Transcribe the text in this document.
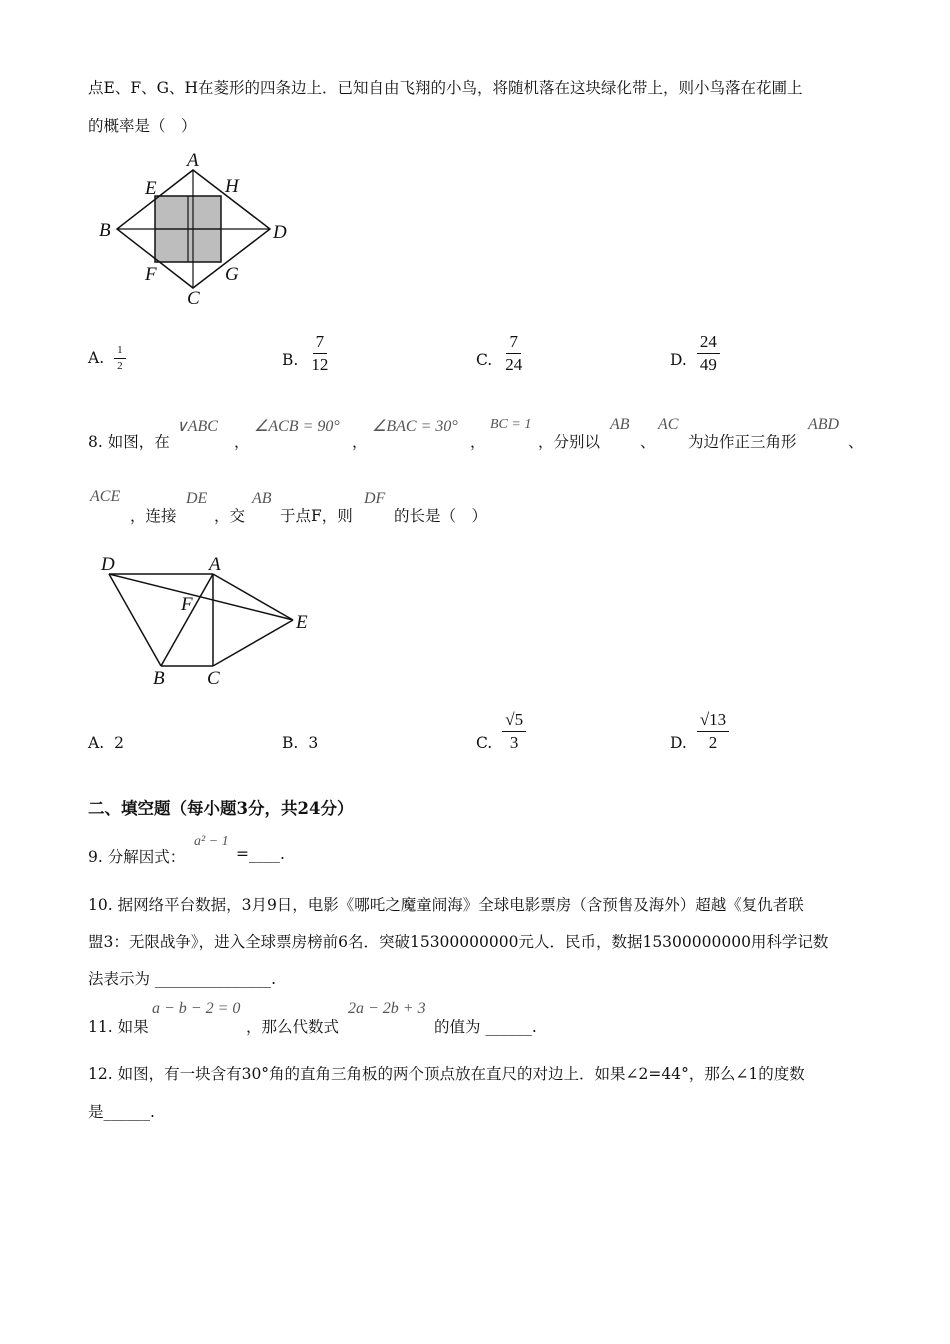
点E、F、G、H在菱形的四条边上．已知自由飞翔的小鸟，将随机落在这块绿化带上，则小鸟落在花圃上
的概率是（　）
A
E	H
B	D
F	G
C
A. $\frac{1}{2}$	B. $\frac{7}{12}$	C. $\frac{7}{24}$	D. $\frac{24}{49}$
8. 如图，在
∨ABC
，
∠ACB = 90°
，
∠BAC = 30°
，
BC = 1
，分别以
AB
、
AC
为边作正三角形
ABD
、
ACE
，连接
DE
，交
AB
于点F，则
DF
的长是（　）
D	A
F
E
B C
A. 2	B. 3	C. $\frac{√5}{3}$	D. $\frac{√13}{2}$
二、填空题（每小题3分，共24分）
9. 分解因式：
a² − 1
=____.
10. 据网络平台数据，3月9日，电影《哪吒之魔童闹海》全球电影票房（含预售及海外）超越《复仇者联
盟3：无限战争》，进入全球票房榜前6名．突破15300000000元人．民币，数据15300000000用科学记数
法表示为 _______________.
11. 如果
a − b − 2 = 0
，那么代数式
2a − 2b + 3
的值为 ______.
12. 如图，有一块含有30°角的直角三角板的两个顶点放在直尺的对边上．如果∠2=44°，那么∠1的度数
是______.
